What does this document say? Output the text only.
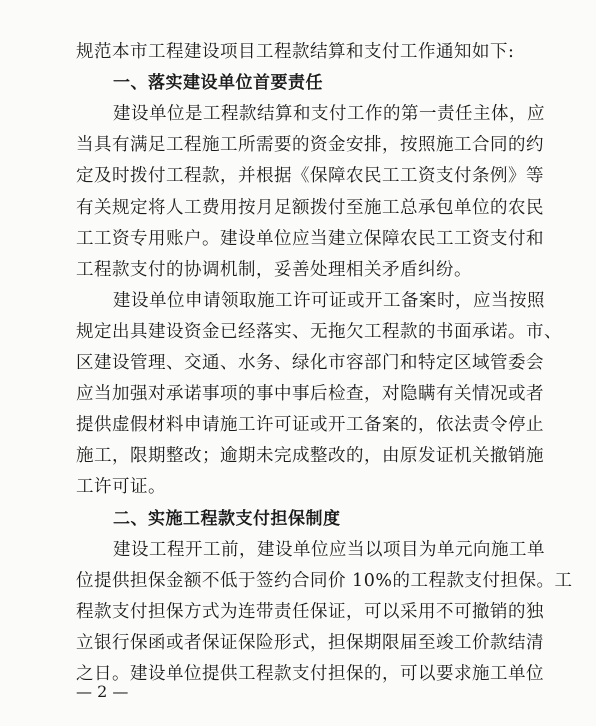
规范本市工程建设项目工程款结算和支付工作通知如下:
一、落实建设单位首要责任
建设单位是工程款结算和支付工作的第一责任主体，应
当具有满足工程施工所需要的资金安排，按照施工合同的约
定及时拨付工程款，并根据《保障农民工工资支付条例》等
有关规定将人工费用按月足额拨付至施工总承包单位的农民
工工资专用账户。建设单位应当建立保障农民工工资支付和
工程款支付的协调机制，妥善处理相关矛盾纠纷。
建设单位申请领取施工许可证或开工备案时，应当按照
规定出具建设资金已经落实、无拖欠工程款的书面承诺。市、
区建设管理、交通、水务、绿化市容部门和特定区域管委会
应当加强对承诺事项的事中事后检查，对隐瞒有关情况或者
提供虚假材料申请施工许可证或开工备案的，依法责令停止
施工，限期整改；逾期未完成整改的，由原发证机关撤销施
工许可证。
二、实施工程款支付担保制度
建设工程开工前，建设单位应当以项目为单元向施工单
位提供担保金额不低于签约合同价 10%的工程款支付担保。工
程款支付担保方式为连带责任保证，可以采用不可撤销的独
立银行保函或者保证保险形式，担保期限届至竣工价款结清
— 2 —
之日。建设单位提供工程款支付担保的，可以要求施工单位
